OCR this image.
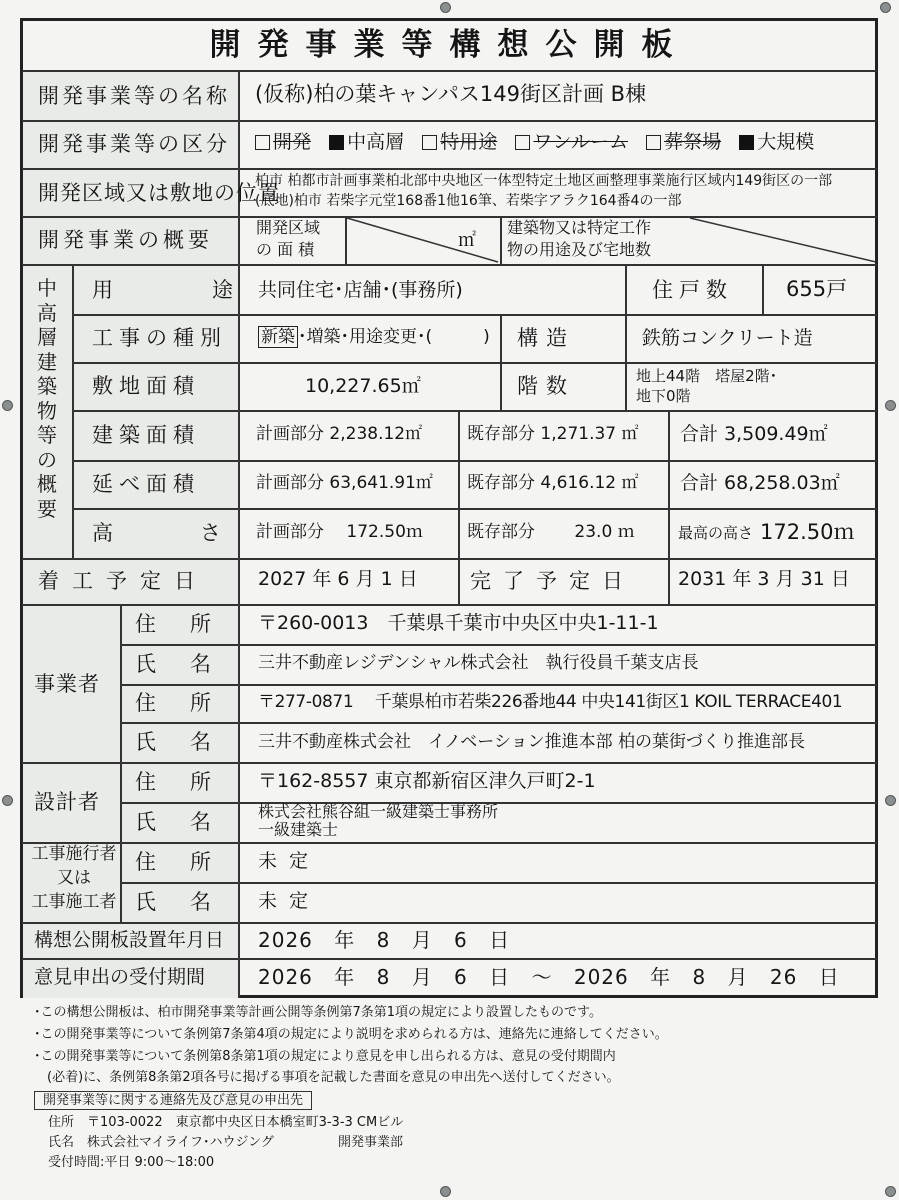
開発事業等構想公開板
開発事業等の名称 (仮称)柏の葉キャンパス149街区計画 B棟
開発事業等の区分	開発 中高層 特用途 ワンルーム 葬祭場 大規模
開発区域又は敷地の位置
柏市 柏都市計画事業柏北部中央地区一体型特定土地区画整理事業施行区域内149街区の一部
(底地)柏市 若柴字元堂168番1他16筆、若柴字アラク164番4の一部
開発事業の概要
開発区域
の 面 積	㎡
建築物又は特定工作
物の用途及び宅地数
中高層建築物等の概要
用　　　　途 共同住宅･店舗･(事務所)	住戸数	655戸
工事の種別 新築 ･増築･用途変更･(　　　) 構造	鉄筋コンクリート造
敷地面積	10,227.65㎡	階数	地上44階　塔屋2階･
地下0階
建築面積	計画部分 2,238.12㎡	既存部分 1,271.37 ㎡ 合計 3,509.49㎡
延べ面積	計画部分 63,641.91㎡ 既存部分 4,616.12 ㎡ 合計 68,258.03㎡
高　　　さ 計画部分　 172.50ｍ	既存部分　　 23.0 ｍ	最高の高さ 172.50ｍ
着工予定日	2027 年 6 月 1 日 完了予定日 2031 年 3 月 31 日
事業者
住所 〒260-0013　千葉県千葉市中央区中央1-11-1
氏名 三井不動産レジデンシャル株式会社　執行役員千葉支店長
住所 〒277-0871　 千葉県柏市若柴226番地44 中央141街区1 KOIL TERRACE401
氏名 三井不動産株式会社　イノベーション推進本部 柏の葉街づくり推進部長
設計者
住所 〒162-8557 東京都新宿区津久戸町2-1
氏名 株式会社熊谷組一級建築士事務所
一級建築士
工事施行者
又は
工事施工者
住所 未定
氏名 未定
構想公開板設置年月日 2026 年 8 月 6 日
意見申出の受付期間	2026 年 8 月 6 日 ～ 2026 年 8 月 26 日
･この構想公開板は、柏市開発事業等計画公開等条例第7条第1項の規定により設置したものです。
･この開発事業等について条例第7条第4項の規定により説明を求められる方は、連絡先に連絡してください。
･この開発事業等について条例第8条第1項の規定により意見を申し出られる方は、意見の受付期間内
　(必着)に、条例第8条第2項各号に掲げる事項を記載した書面を意見の申出先へ送付してください。
開発事業等に関する連絡先及び意見の申出先
住所　〒103-0022　東京都中央区日本橋室町3-3-3 CMビル
氏名　株式会社マイライフ･ハウジング	開発事業部
受付時間:平日 9:00～18:00
